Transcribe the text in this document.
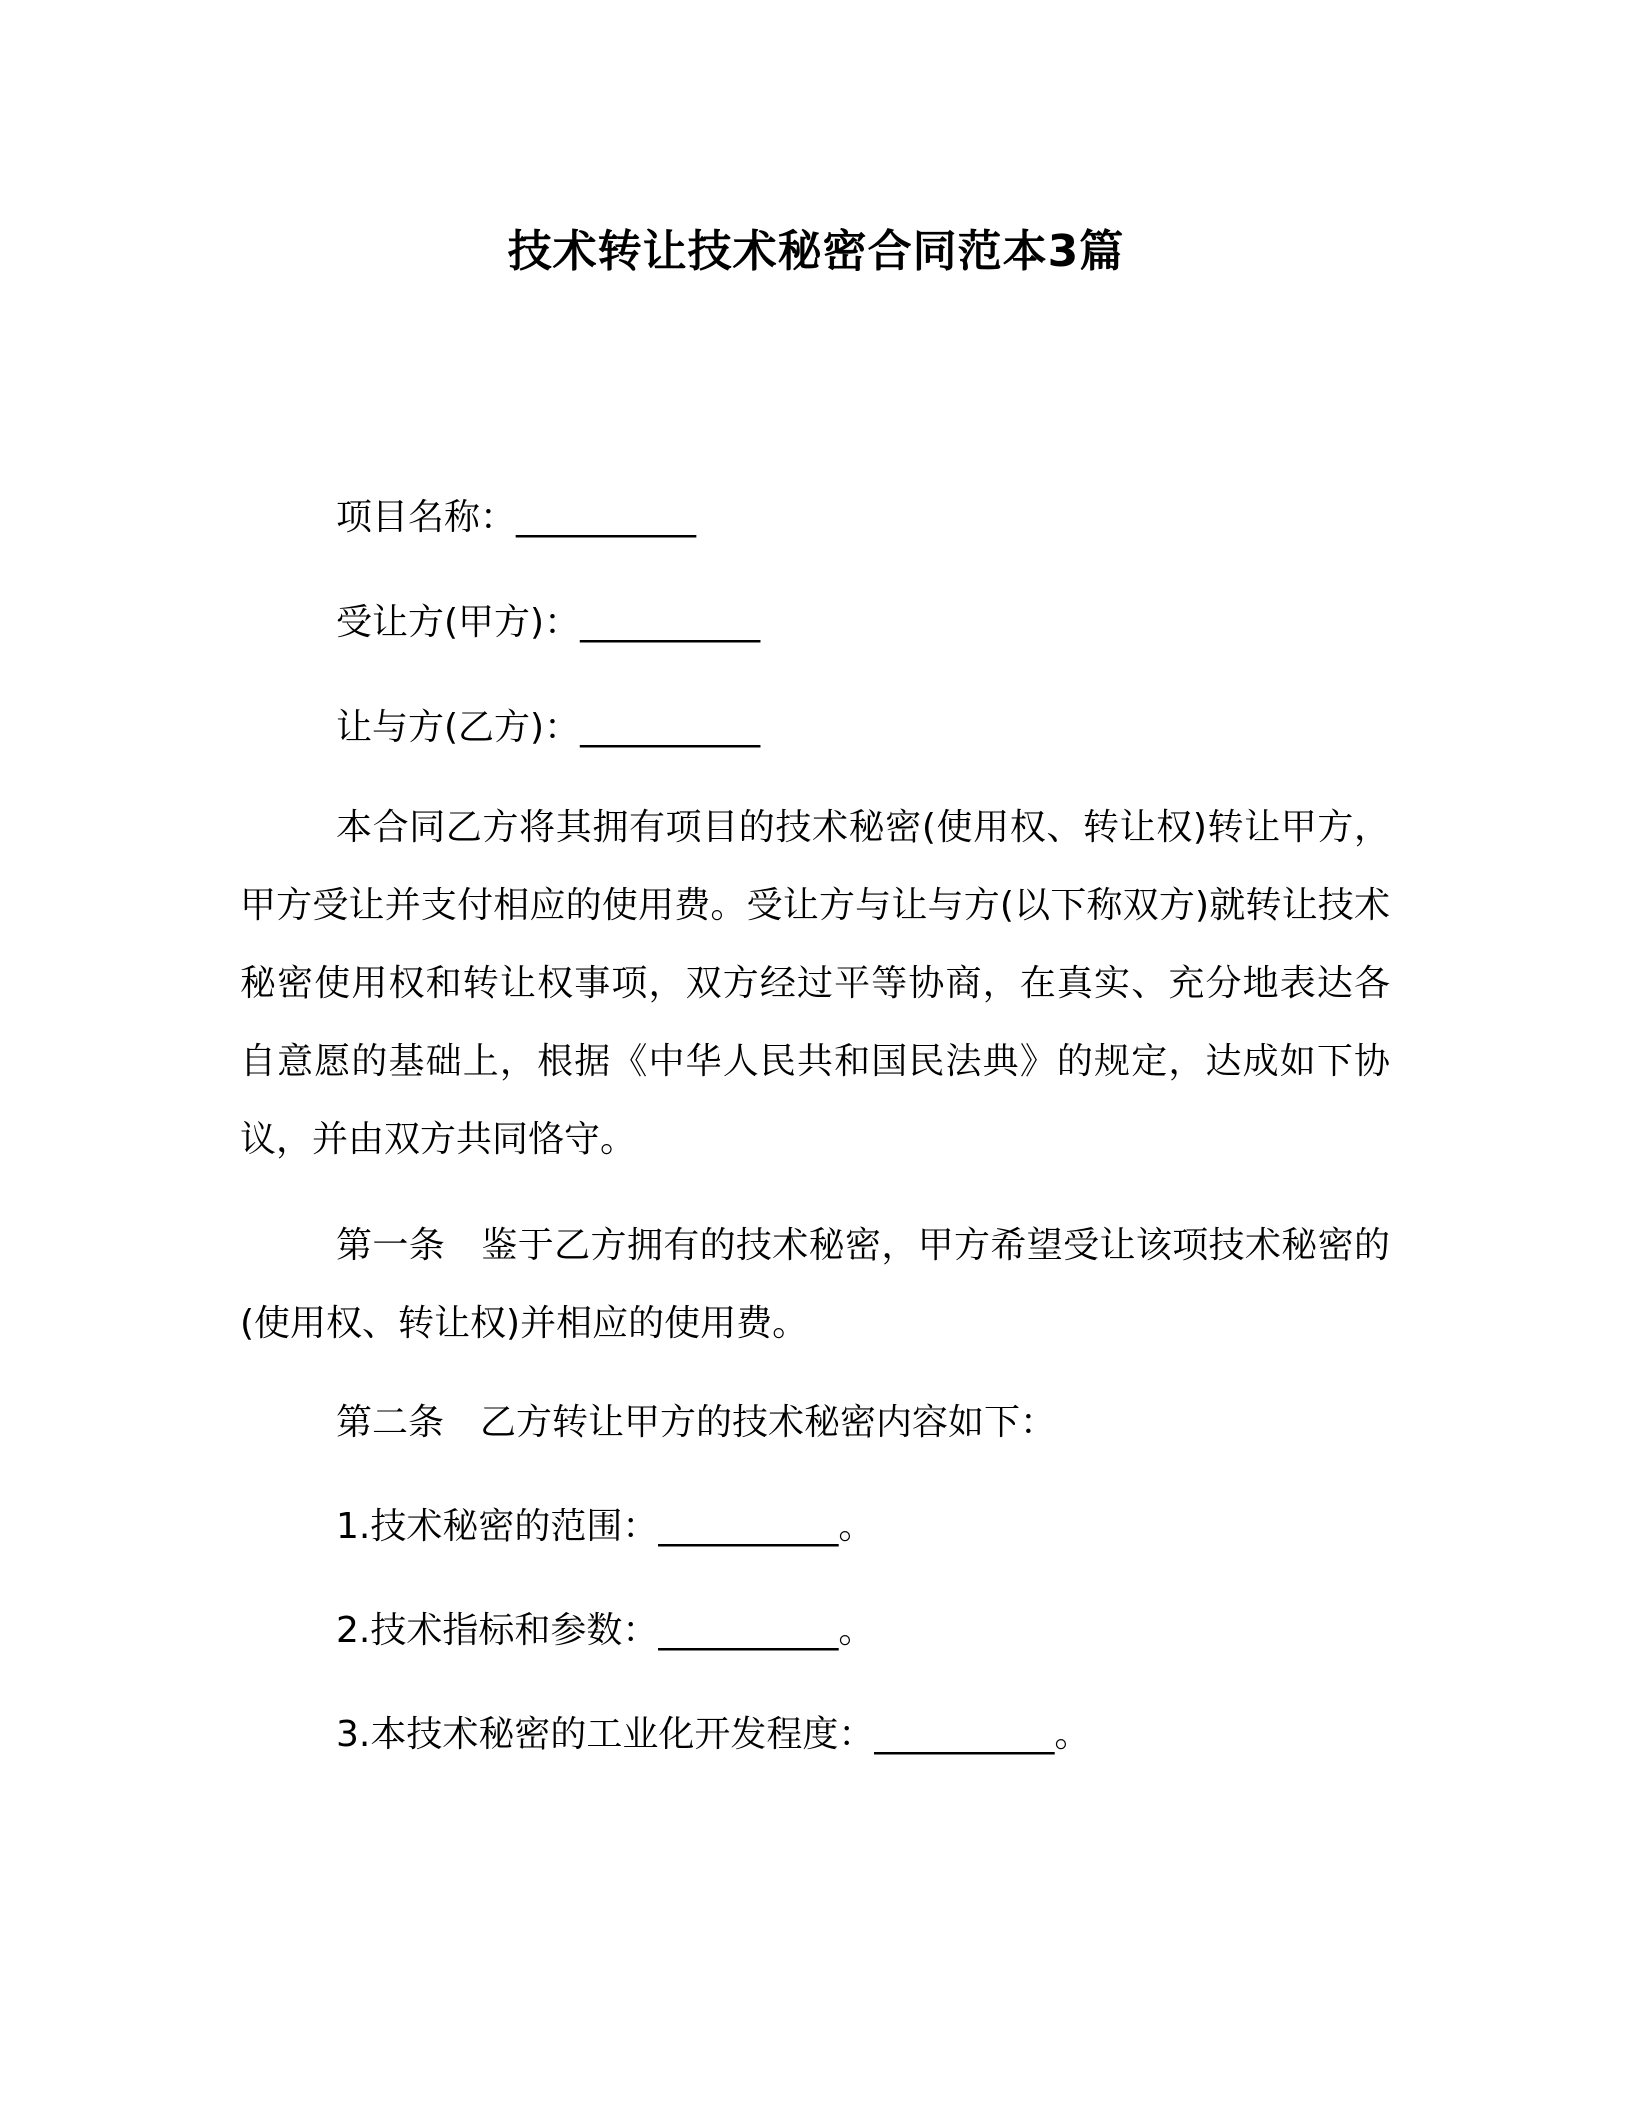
技术转让技术秘密合同范本3篇
项目名称：__________
受让方(甲方)：__________
让与方(乙方)：__________
本合同乙方将其拥有项目的技术秘密(使用权、转让权)转让甲方，甲方受让并支付相应的使用费。受让方与让与方(以下称双方)就转让技术秘密使用权和转让权事项，双方经过平等协商，在真实、充分地表达各自意愿的基础上，根据《中华人民共和国民法典》的规定，达成如下协议，并由双方共同恪守。
第一条　鉴于乙方拥有的技术秘密，甲方希望受让该项技术秘密的(使用权、转让权)并相应的使用费。
第二条　乙方转让甲方的技术秘密内容如下：
1.技术秘密的范围：__________。
2.技术指标和参数：__________。
3.本技术秘密的工业化开发程度：__________。
